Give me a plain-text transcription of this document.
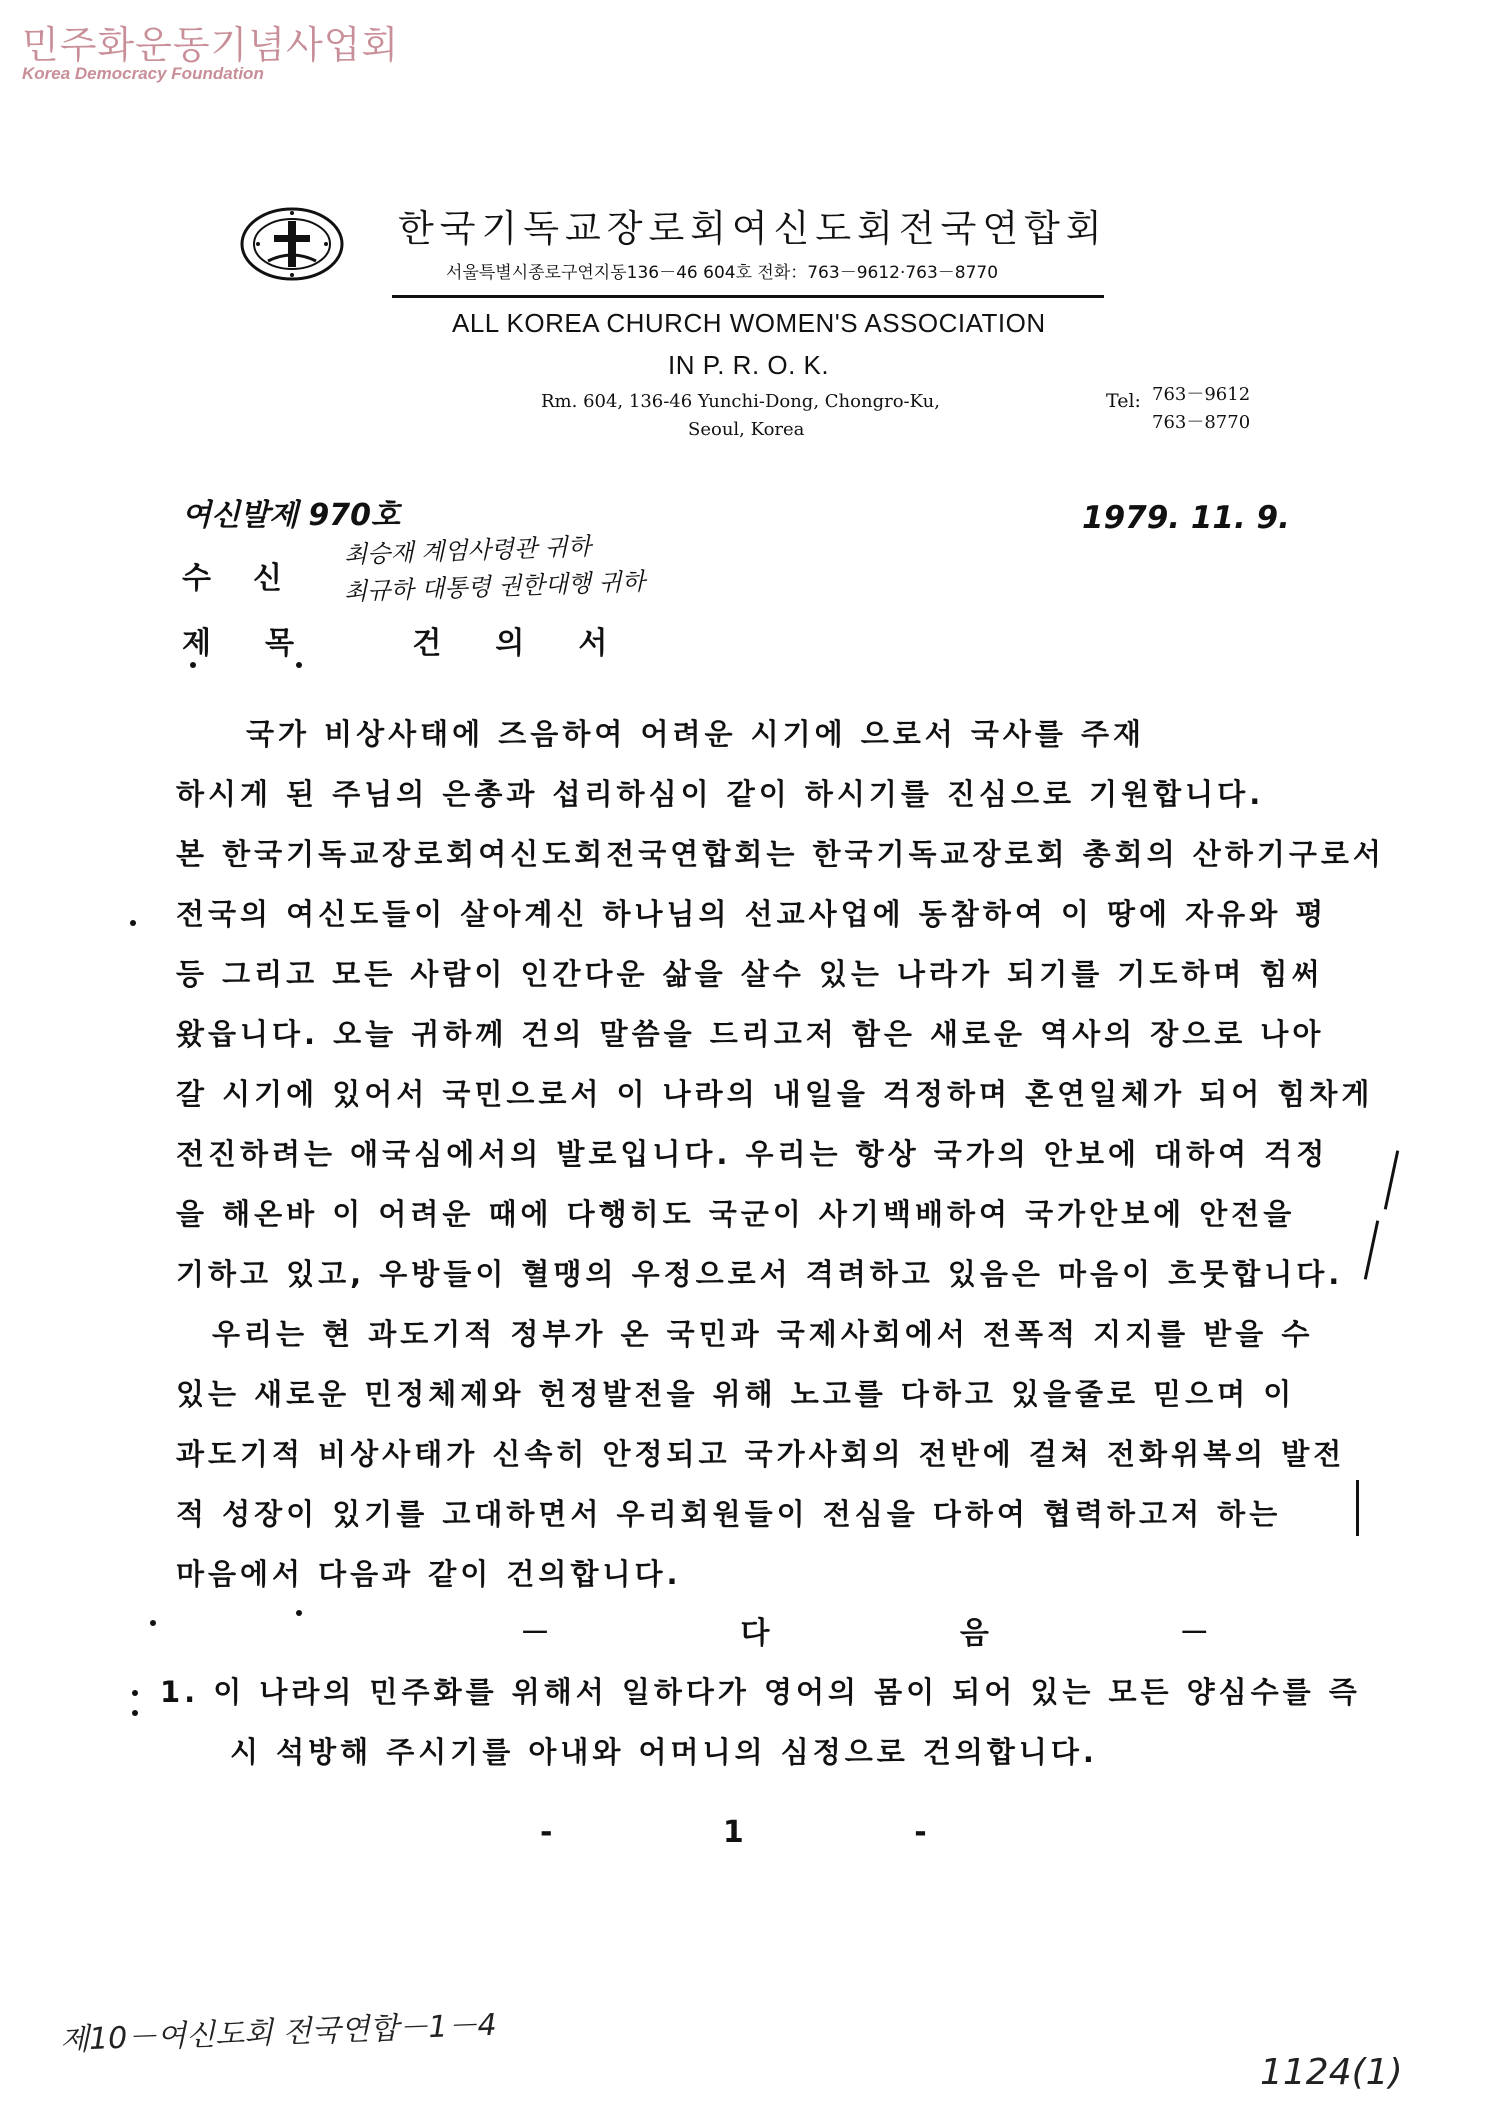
민주화운동기념사업회
Korea Democracy Foundation
한국기독교장로회여신도회전국연합회
서울특별시종로구연지동136－46 604호 전화：763－9612·763－8770
ALL KOREA CHURCH WOMEN'S ASSOCIATION
IN P. R. O. K.
Rm. 604, 136-46 Yunchi-Dong, Chongro-Ku,
Seoul, Korea
Tel: 763－9612
763－8770
여신발제 970호	1979. 11. 9.
수신
최승재 계엄사령관 귀하
최규하 대통령 권한대행 귀하
제목 건의서
국가 비상사태에 즈음하여 어려운 시기에 으로서 국사를 주재
하시게 된 주님의 은총과 섭리하심이 같이 하시기를 진심으로 기원합니다.
본 한국기독교장로회여신도회전국연합회는 한국기독교장로회 총회의 산하기구로서
전국의 여신도들이 살아계신 하나님의 선교사업에 동참하여 이 땅에 자유와 평
등 그리고 모든 사람이 인간다운 삶을 살수 있는 나라가 되기를 기도하며 힘써
왔읍니다. 오늘 귀하께 건의 말씀을 드리고저 함은 새로운 역사의 장으로 나아
갈 시기에 있어서 국민으로서 이 나라의 내일을 걱정하며 혼연일체가 되어 힘차게
전진하려는 애국심에서의 발로입니다. 우리는 항상 국가의 안보에 대하여 걱정
을 해온바 이 어려운 때에 다행히도 국군이 사기백배하여 국가안보에 안전을
기하고 있고, 우방들이 혈맹의 우정으로서 격려하고 있음은 마음이 흐뭇합니다.
우리는 현 과도기적 정부가 온 국민과 국제사회에서 전폭적 지지를 받을 수
있는 새로운 민정체제와 헌정발전을 위해 노고를 다하고 있을줄로 믿으며 이
과도기적 비상사태가 신속히 안정되고 국가사회의 전반에 걸쳐 전화위복의 발전
적 성장이 있기를 고대하면서 우리회원들이 전심을 다하여 협력하고저 하는
마음에서 다음과 같이 건의합니다.
－ 다 음 －
1. 이 나라의 민주화를 위해서 일하다가 영어의 몸이 되어 있는 모든 양심수를 즉
시 석방해 주시기를 아내와 어머니의 심정으로 건의합니다.
- 1 -
제10－여신도회 전국연합－1－4
1124(1)
